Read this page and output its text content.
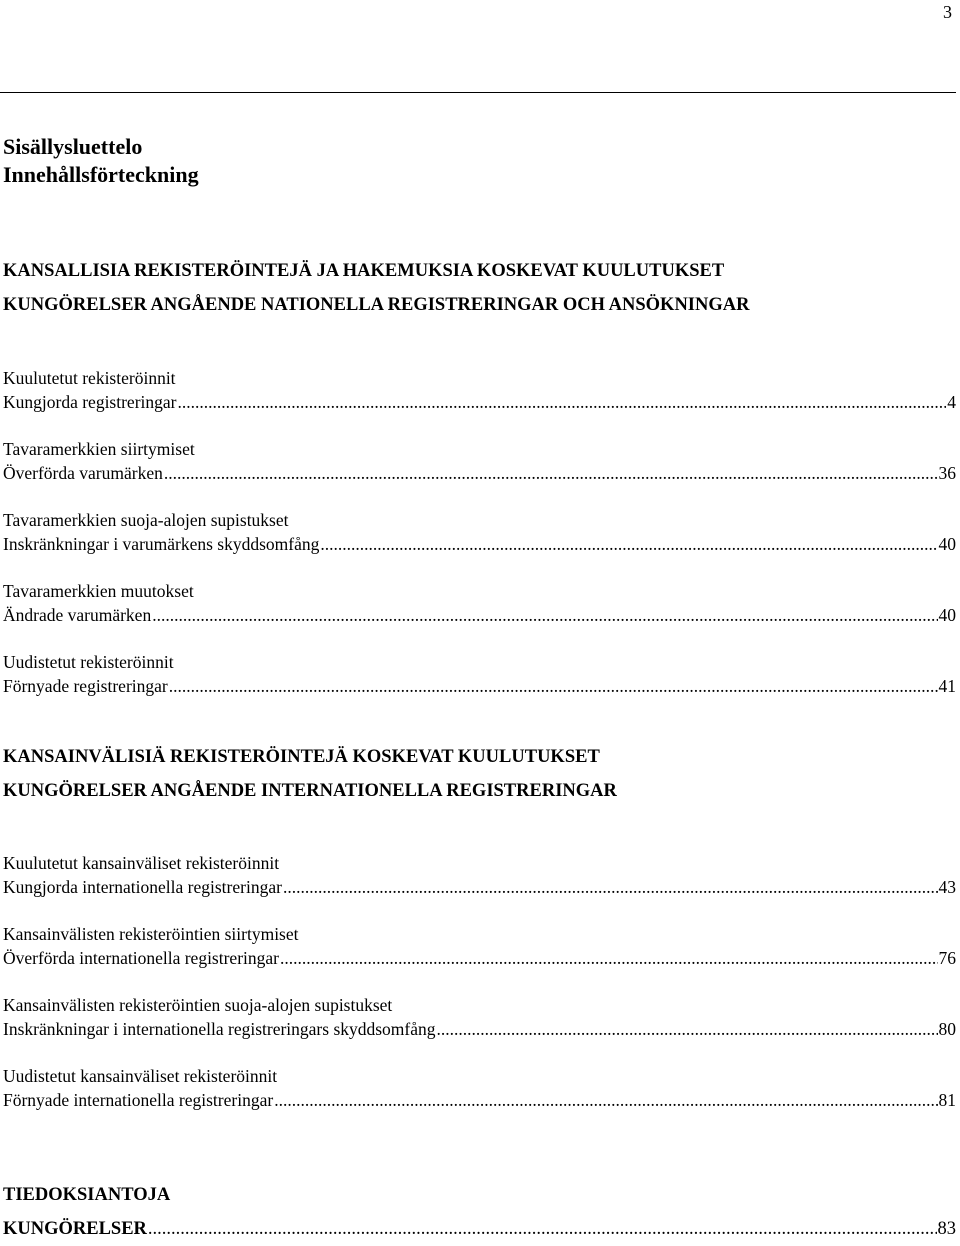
3
Sisällysluettelo
Innehållsförteckning
KANSALLISIA REKISTERÖINTEJÄ JA HAKEMUKSIA KOSKEVAT KUULUTUKSET
KUNGÖRELSER ANGÅENDE NATIONELLA REGISTRERINGAR OCH ANSÖKNINGAR
Kuulutetut rekisteröinnit
Kungjorda registreringar .....	4
Tavaramerkkien siirtymiset
Överförda varumärken .....	36
Tavaramerkkien suoja-alojen supistukset
Inskränkningar i varumärkens skyddsomfång .....	40
Tavaramerkkien muutokset
Ändrade varumärken .....	40
Uudistetut rekisteröinnit
Förnyade registreringar .....	41
KANSAINVÄLISIÄ REKISTERÖINTEJÄ KOSKEVAT KUULUTUKSET
KUNGÖRELSER ANGÅENDE INTERNATIONELLA REGISTRERINGAR
Kuulutetut kansainväliset rekisteröinnit
Kungjorda internationella registreringar .....	43
Kansainvälisten rekisteröintien siirtymiset
Överförda internationella registreringar .....	76
Kansainvälisten rekisteröintien suoja-alojen supistukset
Inskränkningar i internationella registreringars skyddsomfång .....	80
Uudistetut kansainväliset rekisteröinnit
Förnyade internationella registreringar .....	81
TIEDOKSIANTOJA
KUNGÖRELSER .....	83
